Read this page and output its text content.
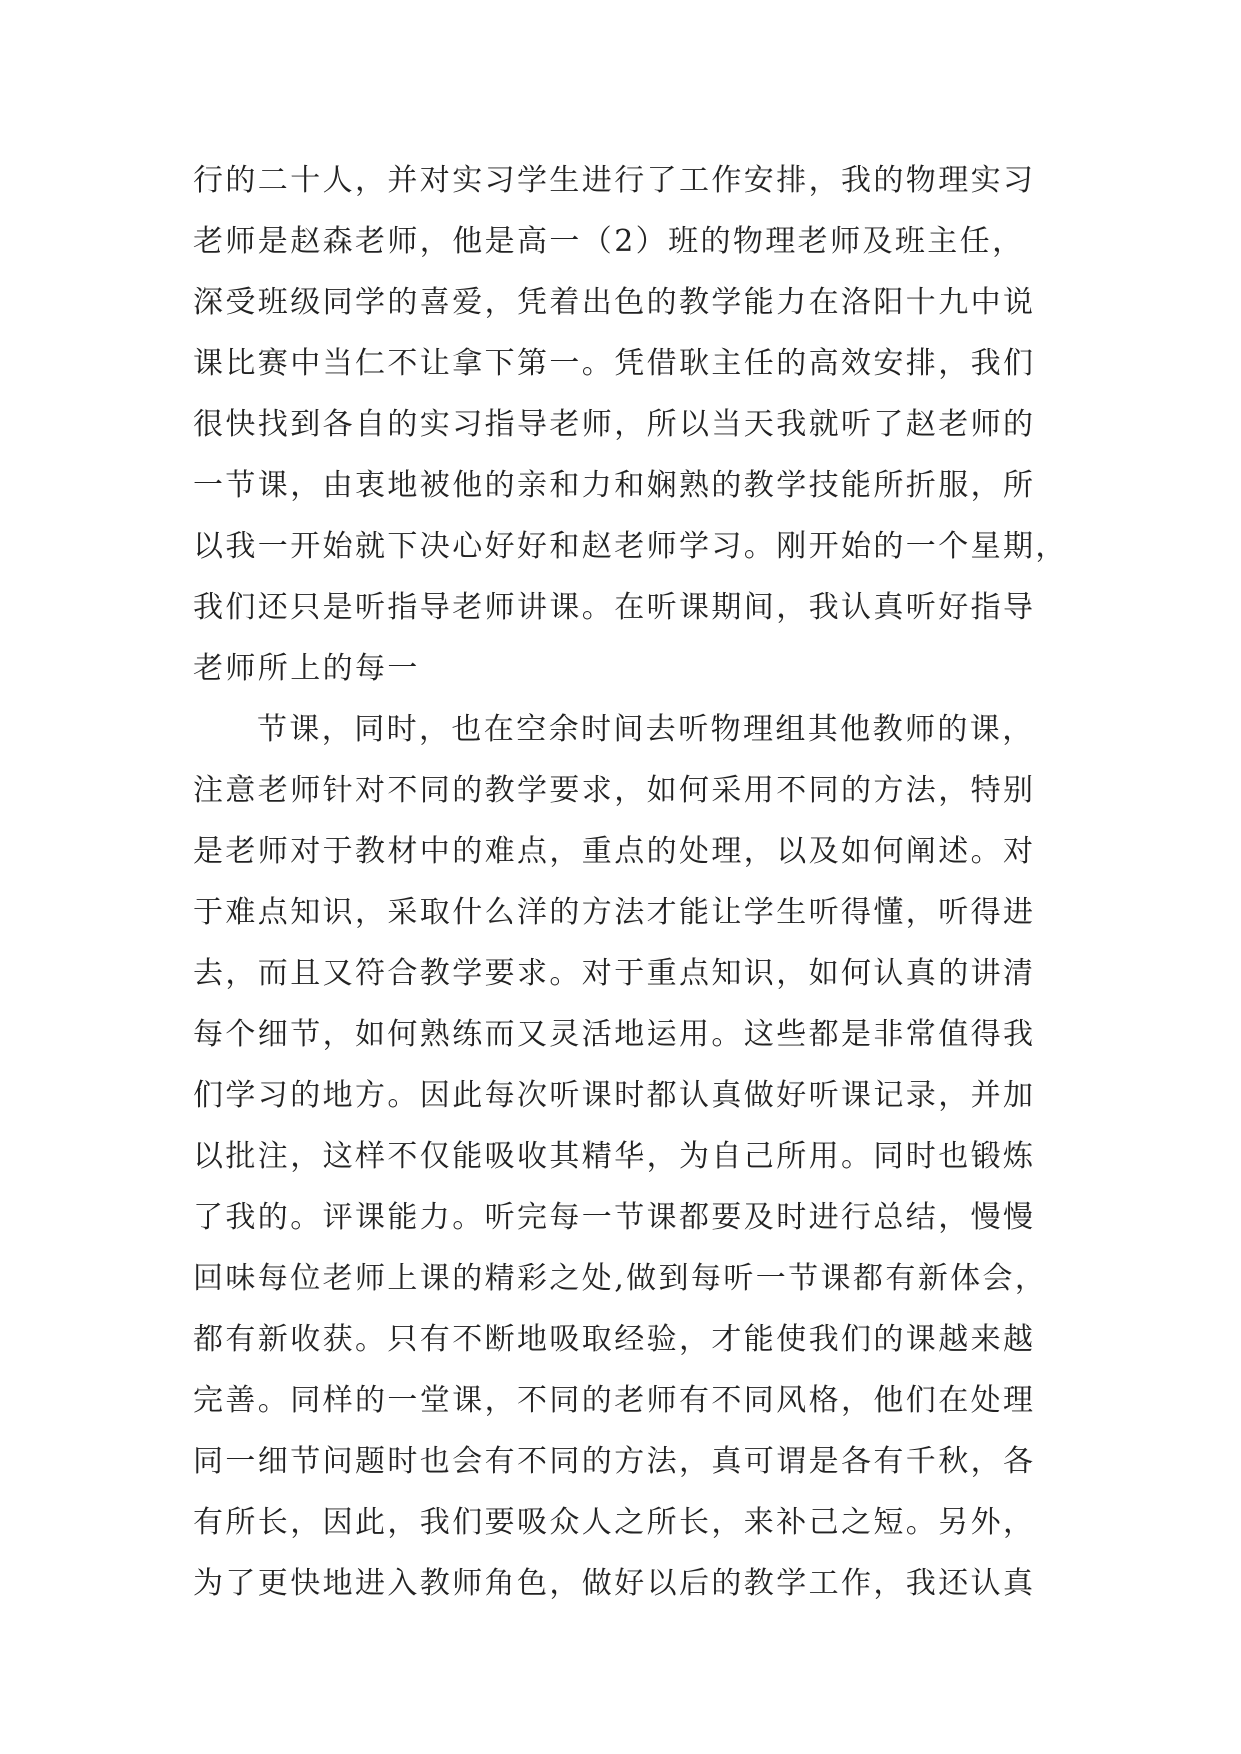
行的二十人，并对实习学生进行了工作安排，我的物理实习
老师是赵森老师，他是高一（2）班的物理老师及班主任，
深受班级同学的喜爱，凭着出色的教学能力在洛阳十九中说
课比赛中当仁不让拿下第一。凭借耿主任的高效安排，我们
很快找到各自的实习指导老师，所以当天我就听了赵老师的
一节课，由衷地被他的亲和力和娴熟的教学技能所折服，所
以我一开始就下决心好好和赵老师学习。刚开始的一个星期，
我们还只是听指导老师讲课。在听课期间，我认真听好指导
老师所上的每一
节课，同时，也在空余时间去听物理组其他教师的课，
注意老师针对不同的教学要求，如何采用不同的方法，特别
是老师对于教材中的难点，重点的处理，以及如何阐述。对
于难点知识，采取什么洋的方法才能让学生听得懂，听得进
去，而且又符合教学要求。对于重点知识，如何认真的讲清
每个细节，如何熟练而又灵活地运用。这些都是非常值得我
们学习的地方。因此每次听课时都认真做好听课记录，并加
以批注，这样不仅能吸收其精华，为自己所用。同时也锻炼
了我的。评课能力。听完每一节课都要及时进行总结，慢慢
回味每位老师上课的精彩之处,做到每听一节课都有新体会，
都有新收获。只有不断地吸取经验，才能使我们的课越来越
完善。同样的一堂课，不同的老师有不同风格，他们在处理
同一细节问题时也会有不同的方法，真可谓是各有千秋，各
有所长，因此，我们要吸众人之所长，来补己之短。另外，
为了更快地进入教师角色，做好以后的教学工作，我还认真
